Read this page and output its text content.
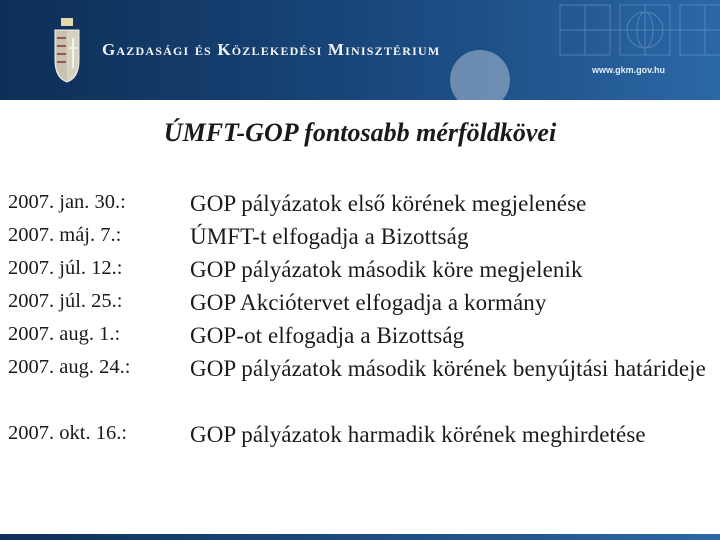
Gazdasági és Közlekedési Minisztérium
www.gkm.gov.hu
ÚMFT-GOP fontosabb mérföldkövei
2007. jan. 30.:	GOP pályázatok első körének megjelenése
2007. máj. 7.:	ÚMFT-t elfogadja a Bizottság
2007. júl. 12.:	GOP pályázatok második köre megjelenik
2007. júl. 25.:	GOP Akciótervet elfogadja a kormány
2007. aug. 1.:	GOP-ot elfogadja a Bizottság
2007. aug. 24.:	GOP pályázatok második körének benyújtási határideje
2007. okt. 16.:	GOP pályázatok harmadik körének meghirdetése
